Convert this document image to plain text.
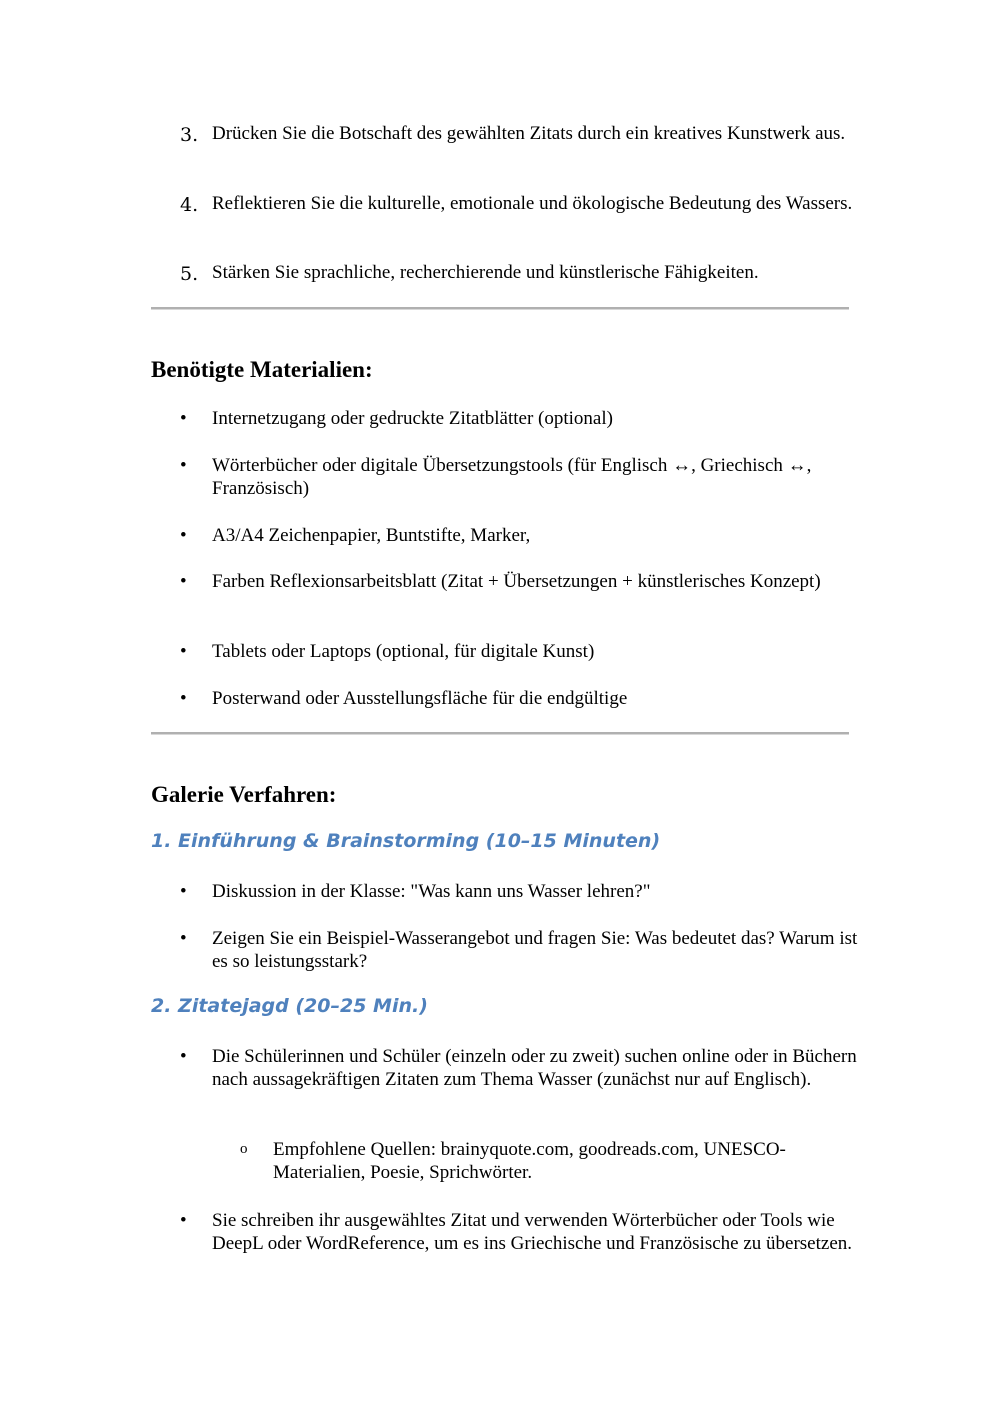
3. Drücken Sie die Botschaft des gewählten Zitats durch ein kreatives Kunstwerk aus.
4. Reflektieren Sie die kulturelle, emotionale und ökologische Bedeutung des Wassers.
5. Stärken Sie sprachliche, recherchierende und künstlerische Fähigkeiten.
Benötigte Materialien:
• Internetzugang oder gedruckte Zitatblätter (optional)
• Wörterbücher oder digitale Übersetzungstools (für Englisch ↔, Griechisch ↔, Französisch)
• A3/A4 Zeichenpapier, Buntstifte, Marker,
• Farben Reflexionsarbeitsblatt (Zitat + Übersetzungen + künstlerisches Konzept)
• Tablets oder Laptops (optional, für digitale Kunst)
• Posterwand oder Ausstellungsfläche für die endgültige
Galerie Verfahren:
1. Einführung & Brainstorming (10–15 Minuten)
• Diskussion in der Klasse: "Was kann uns Wasser lehren?"
• Zeigen Sie ein Beispiel-Wasserangebot und fragen Sie: Was bedeutet das? Warum ist es so leistungsstark?
2. Zitatejagd (20–25 Min.)
• Die Schülerinnen und Schüler (einzeln oder zu zweit) suchen online oder in Büchern nach aussagekräftigen Zitaten zum Thema Wasser (zunächst nur auf Englisch).
o Empfohlene Quellen: brainyquote.com, goodreads.com, UNESCO-Materialien, Poesie, Sprichwörter.
• Sie schreiben ihr ausgewähltes Zitat und verwenden Wörterbücher oder Tools wie DeepL oder WordReference, um es ins Griechische und Französische zu übersetzen.
